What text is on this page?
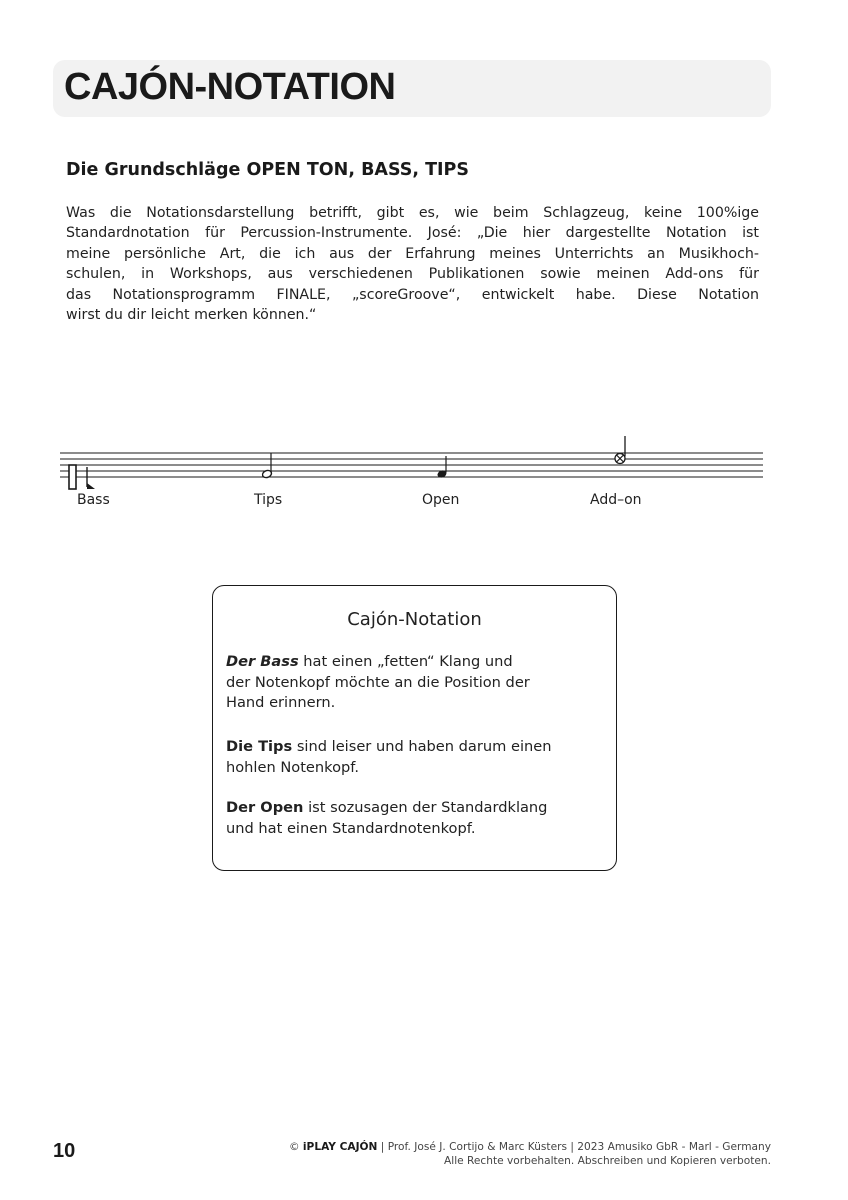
CAJÓN-NOTATION
Die Grundschläge OPEN TON, BASS, TIPS

Was die Notationsdarstellung betrifft, gibt es, wie beim Schlagzeug, keine 100%ige
Standardnotation für Percussion-Instrumente. José: „Die hier dargestellte Notation ist
meine persönliche Art, die ich aus der Erfahrung meines Unterrichts an Musikhoch-
schulen, in Workshops, aus verschiedenen Publikationen sowie meinen Add-ons für
das Notationsprogramm FINALE, „scoreGroove“, entwickelt habe. Diese Notation
wirst du dir leicht merken können.“

Bass	Tips	Open	Add–on
Cajón-Notation

Der Bass hat einen „fetten“ Klang und
der Notenkopf möchte an die Position der
Hand erinnern.

Die Tips sind leiser und haben darum einen
hohlen Notenkopf.

Der Open ist sozusagen der Standardklang
und hat einen Standardnotenkopf.

10	© iPLAY CAJÓN | Prof. José J. Cortijo & Marc Küsters | 2023 Amusiko GbR - Marl - Germany
Alle Rechte vorbehalten. Abschreiben und Kopieren verboten.
